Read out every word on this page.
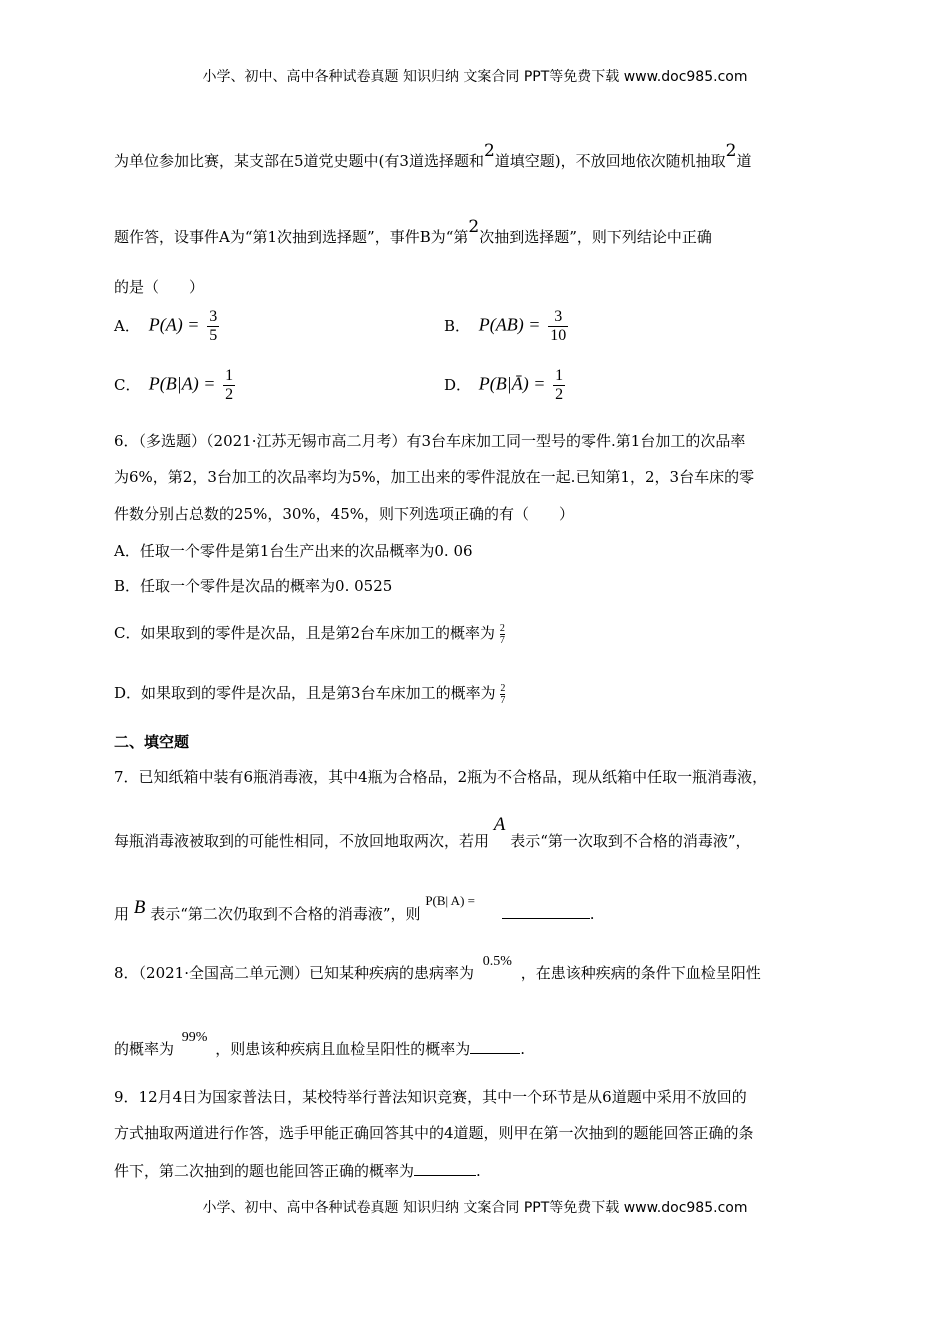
小学、初中、高中各种试卷真题 知识归纳 文案合同 PPT等免费下载 www.doc985.com
为单位参加比赛，某支部在5道党史题中(有3道选择题和2道填空题)，不放回地依次随机抽取2道
题作答，设事件A为“第1次抽到选择题”，事件B为“第2次抽到选择题”，则下列结论中正确
的是（　　）
A． $P(A) = \frac{3}{5}$	B． $P(AB) = \frac{3}{10}$
C． $P(B|A) = \frac{1}{2}$	D． P(B|Ā) = $\frac{1}{2}$
6．（多选题）（2021·江苏无锡市高二月考）有3台车床加工同一型号的零件.第1台加工的次品率
为6%，第2，3台加工的次品率均为5%，加工出来的零件混放在一起.已知第1，2，3台车床的零
件数分别占总数的25%，30%，45%，则下列选项正确的有（　　）
A．任取一个零件是第1台生产出来的次品概率为0. 06
B．任取一个零件是次品的概率为0. 0525
C．如果取到的零件是次品，且是第2台车床加工的概率为 $\frac{2}{7}$
D．如果取到的零件是次品，且是第3台车床加工的概率为 $\frac{2}{7}$
二、填空题
7．已知纸箱中装有6瓶消毒液，其中4瓶为合格品，2瓶为不合格品，现从纸箱中任取一瓶消毒液，
每瓶消毒液被取到的可能性相同，不放回地取两次，若用 A 表示“第一次取到不合格的消毒液”，
用 B 表示“第二次仍取到不合格的消毒液”，则 P(B| A) = .
8．（2021·全国高二单元测）已知某种疾病的患病率为 0.5% ，在患该种疾病的条件下血检呈阳性
的概率为 99% ，则患该种疾病且血检呈阳性的概率为	.
9．12月4日为国家普法日，某校特举行普法知识竞赛，其中一个环节是从6道题中采用不放回的
方式抽取两道进行作答，选手甲能正确回答其中的4道题，则甲在第一次抽到的题能回答正确的条
件下，第二次抽到的题也能回答正确的概率为	.
小学、初中、高中各种试卷真题 知识归纳 文案合同 PPT等免费下载 www.doc985.com
